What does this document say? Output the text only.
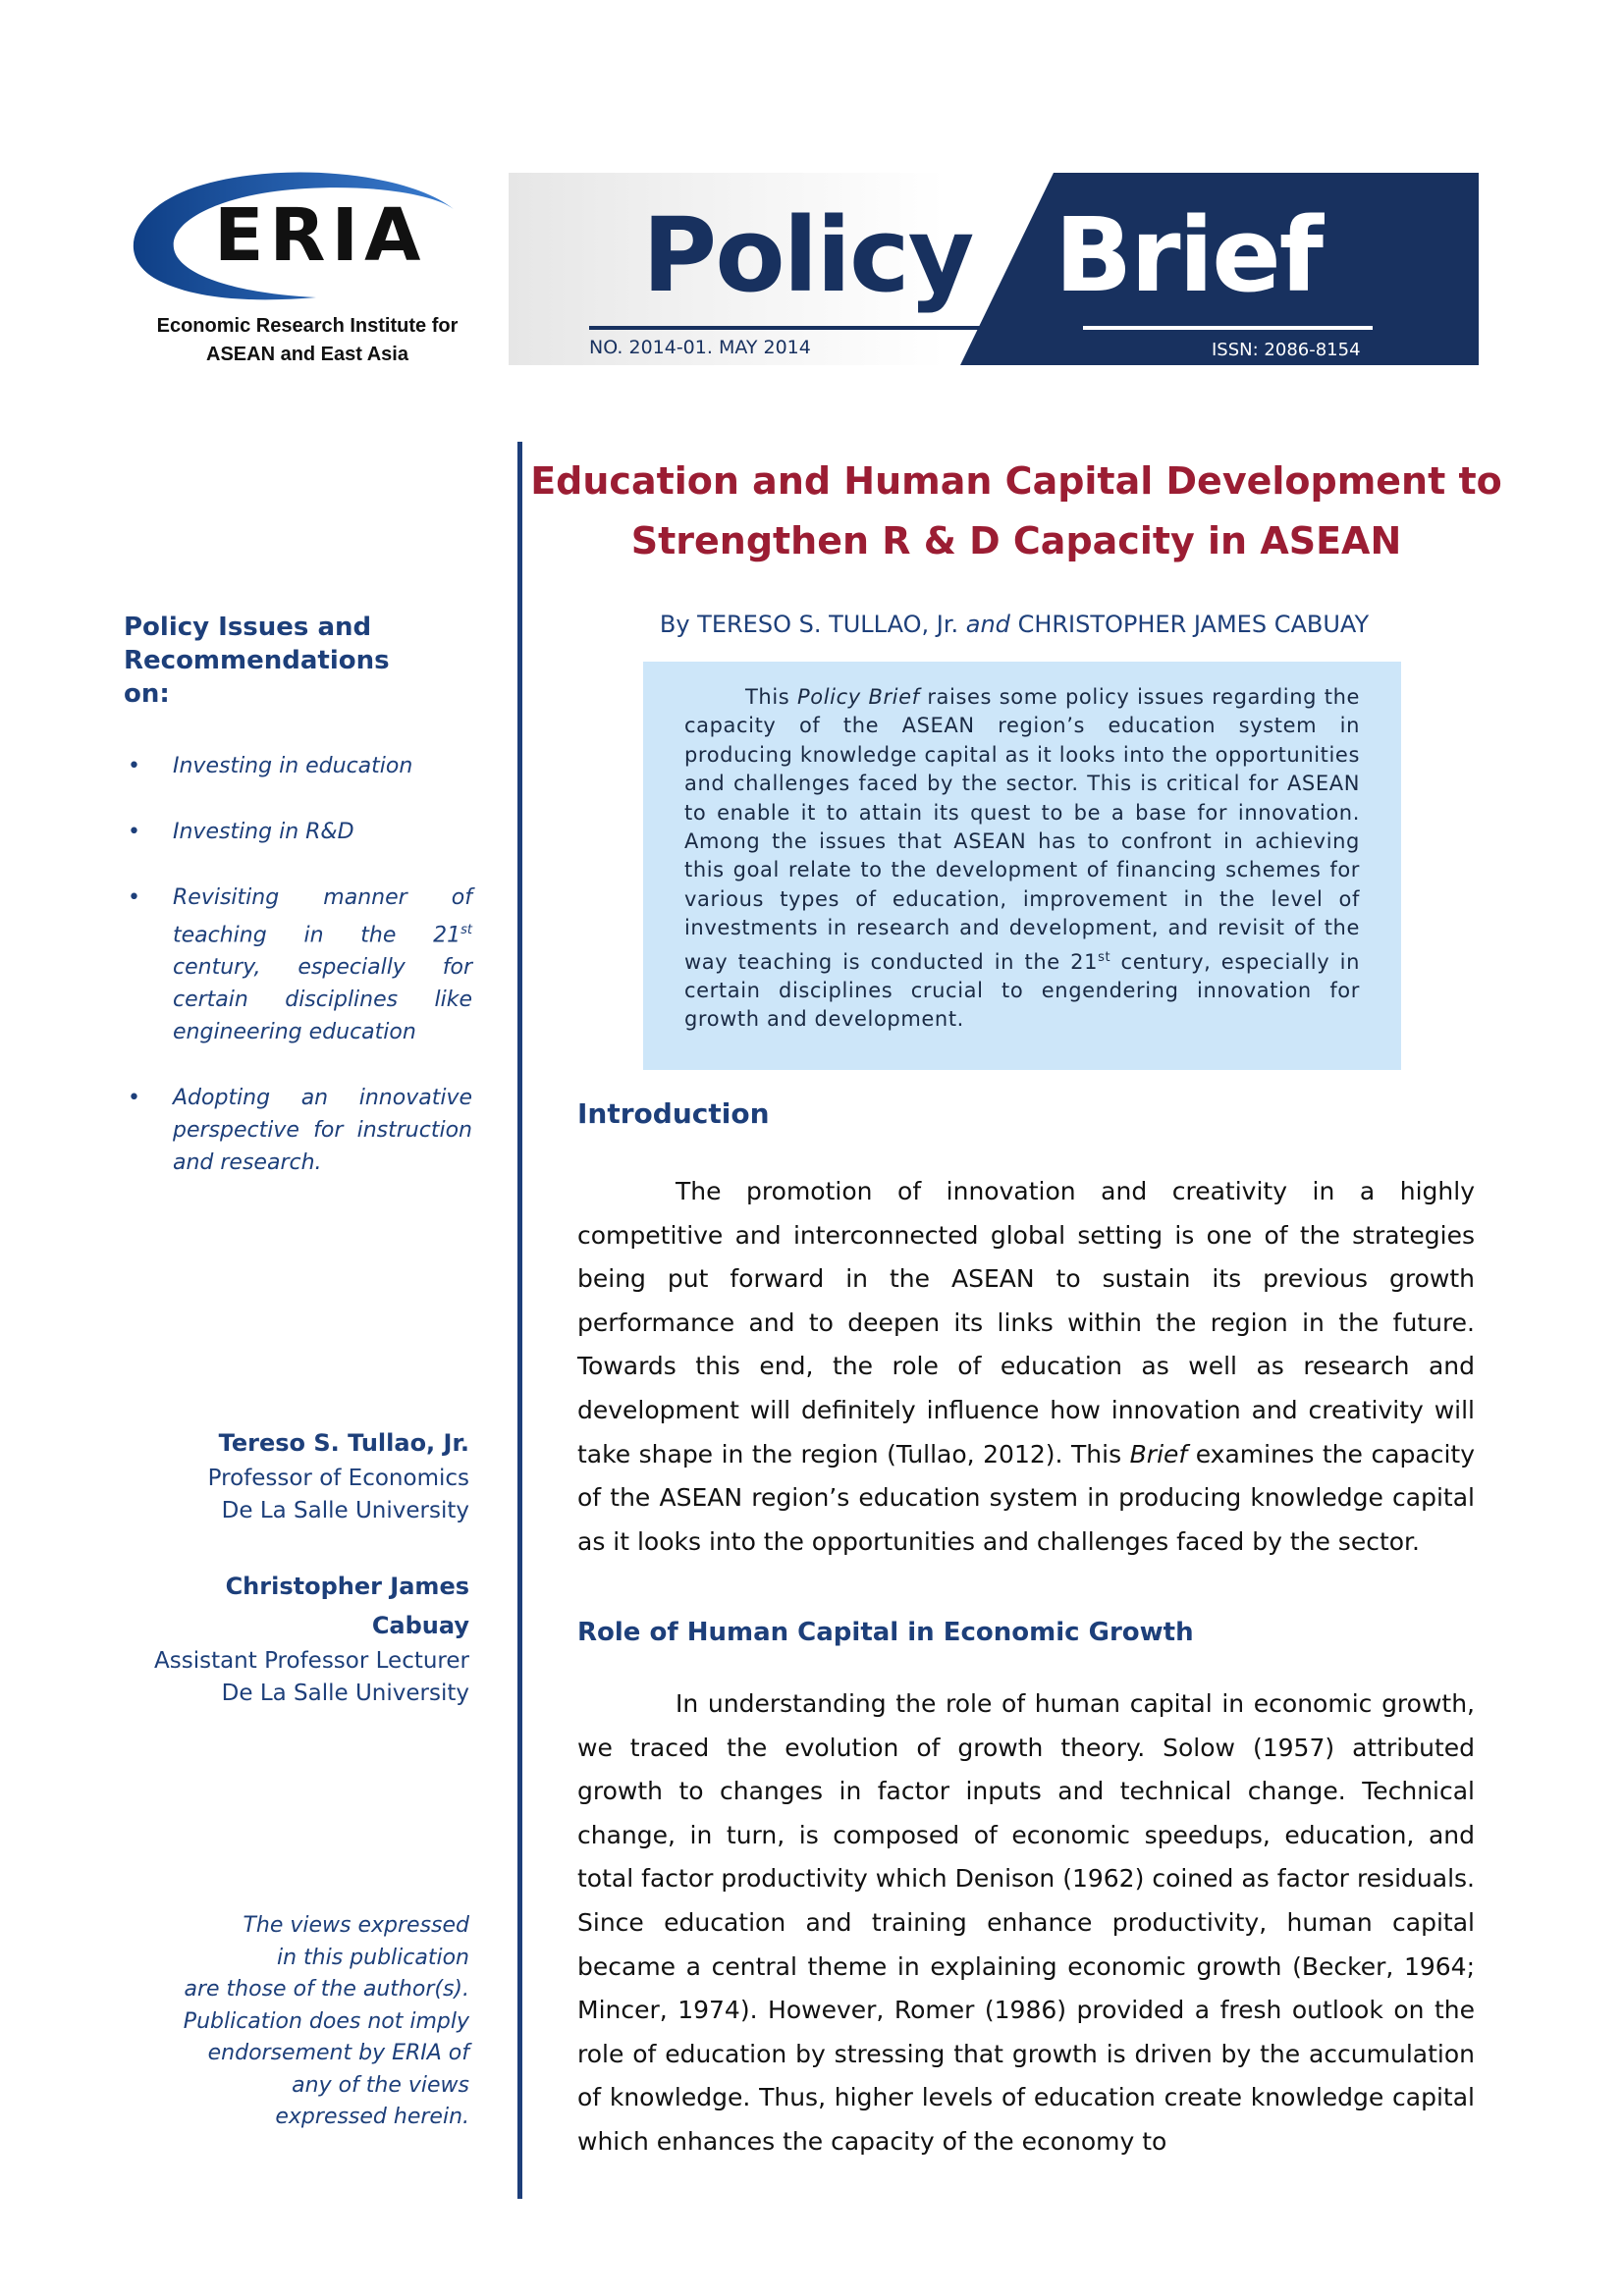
ERIA
Economic Research Institute for
ASEAN and East Asia
Policy Brief
NO. 2014-01. MAY 2014	ISSN: 2086-8154
Education and Human Capital Development to
Strengthen R & D Capacity in ASEAN
By TERESO S. TULLAO, Jr. and CHRISTOPHER JAMES CABUAY

This Policy Brief raises some policy issues regarding the capacity of the ASEAN region’s education system in producing knowledge capital as it looks into the opportunities and challenges faced by the sector. This is critical for ASEAN to enable it to attain its quest to be a base for innovation. Among the issues that ASEAN has to confront in achieving this goal relate to the development of financing schemes for various types of education, improvement in the level of investments in research and development, and revisit of the way teaching is conducted in the 21st century, especially in certain disciplines crucial to engendering innovation for growth and development.

Policy Issues and
Recommendations
on:
• Investing in education
• Investing in R&D
• Revisiting manner of teaching in the 21st century, especially for certain disciplines like engineering education
• Adopting an innovative perspective for instruction and research.
Tereso S. Tullao, Jr.
Professor of Economics
De La Salle University
Christopher James
Cabuay
Assistant Professor Lecturer
De La Salle University
The views expressed
in this publication
are those of the author(s).
Publication does not imply
endorsement by ERIA of
any of the views
expressed herein.
Introduction

The promotion of innovation and creativity in a highly competitive and interconnected global setting is one of the strategies being put forward in the ASEAN to sustain its previous growth performance and to deepen its links within the region in the future. Towards this end, the role of education as well as research and development will definitely influence how innovation and creativity will take shape in the region (Tullao, 2012). This Brief examines the capacity of the ASEAN region’s education system in producing knowledge capital as it looks into the opportunities and challenges faced by the sector.

Role of Human Capital in Economic Growth

In understanding the role of human capital in economic growth, we traced the evolution of growth theory. Solow (1957) attributed growth to changes in factor inputs and technical change. Technical change, in turn, is composed of economic speedups, education, and total factor productivity which Denison (1962) coined as factor residuals. Since education and training enhance productivity, human capital became a central theme in explaining economic growth (Becker, 1964; Mincer, 1974). However, Romer (1986) provided a fresh outlook on the role of education by stressing that growth is driven by the accumulation of knowledge. Thus, higher levels of education create knowledge capital which enhances the capacity of the economy to
